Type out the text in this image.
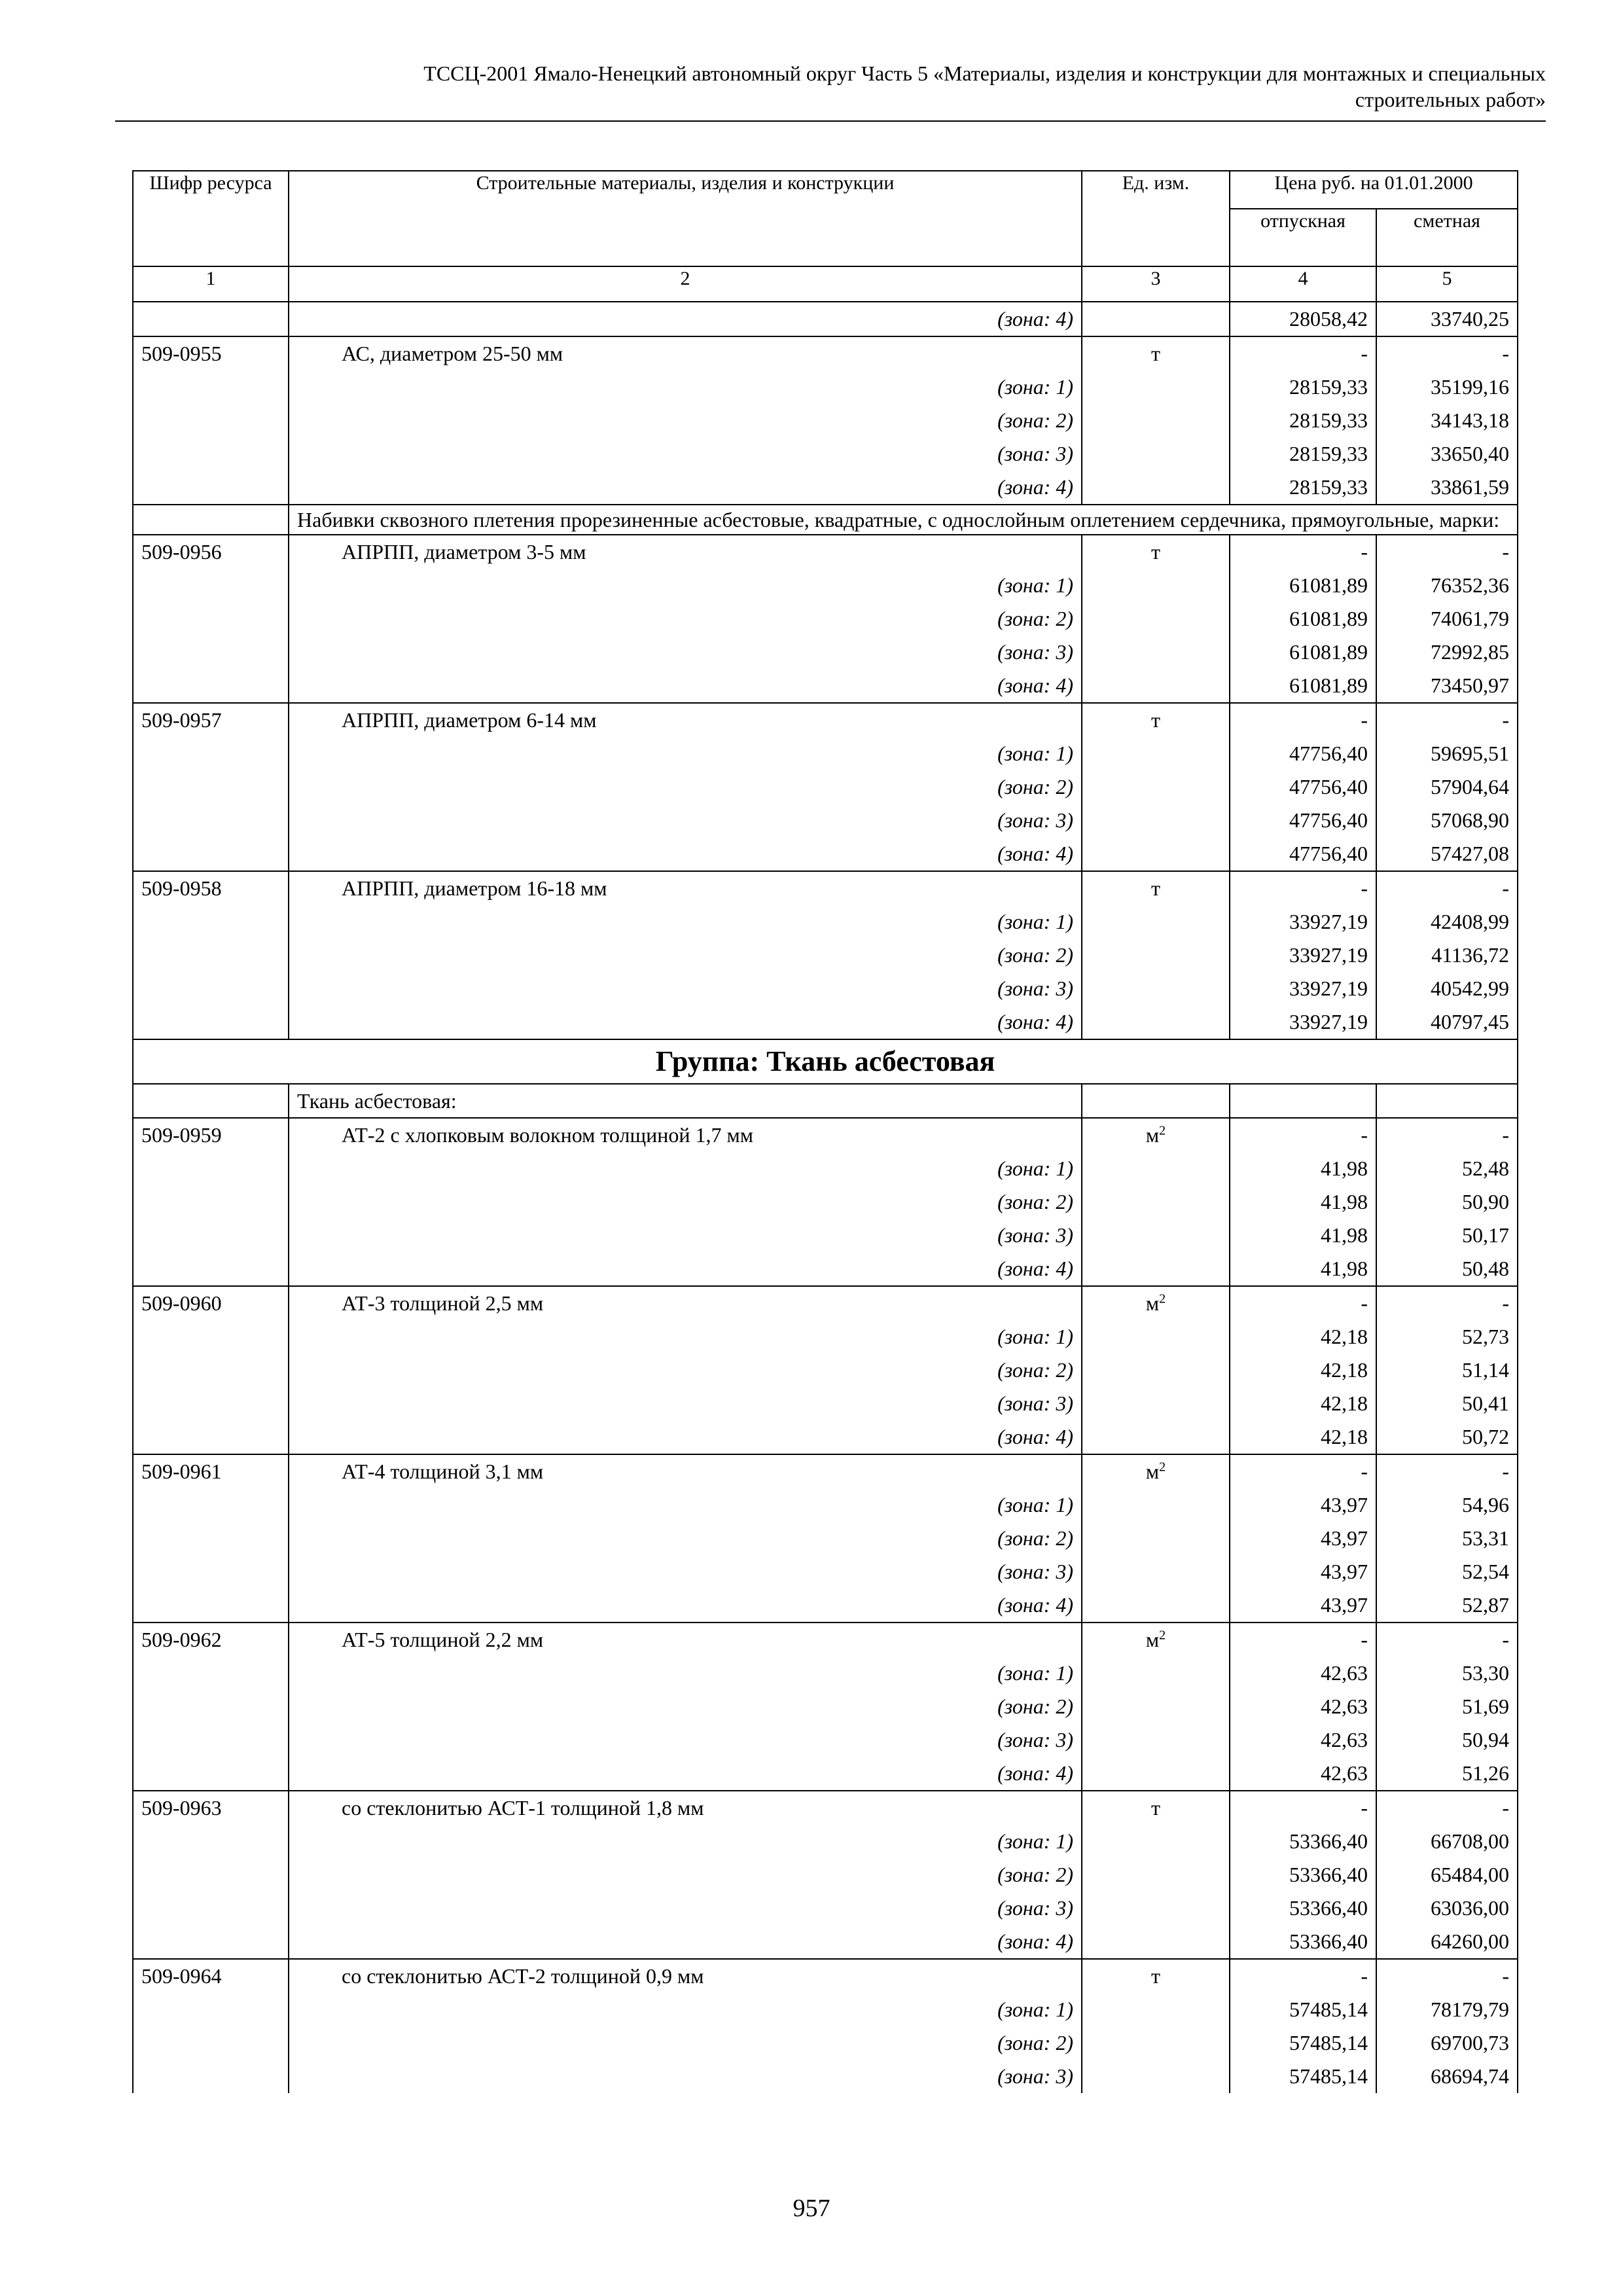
ТССЦ-2001 Ямало-Ненецкий автономный округ Часть 5 «Материалы, изделия и конструкции для монтажных и специальных
строительных работ»
Шифр ресурса	Строительные материалы, изделия и конструкции	Ед. изм.	Цена руб. на 01.01.2000	
			отпускная	сметная
1	2	3	4	5
	(зона: 4)		28058,42	33740,25
509-0955	АС, диаметром 25-50 мм	т	-	-
	(зона: 1)		28159,33	35199,16
	(зона: 2)		28159,33	34143,18
	(зона: 3)		28159,33	33650,40
	(зона: 4)		28159,33	33861,59
	Набивки сквозного плетения прорезиненные асбестовые, квадратные, с однослойным оплетением сердечника, прямоугольные, марки:			
509-0956	АПРПП, диаметром 3-5 мм	т	-	-
	(зона: 1)		61081,89	76352,36
	(зона: 2)		61081,89	74061,79
	(зона: 3)		61081,89	72992,85
	(зона: 4)		61081,89	73450,97
509-0957	АПРПП, диаметром 6-14 мм	т	-	-
	(зона: 1)		47756,40	59695,51
	(зона: 2)		47756,40	57904,64
	(зона: 3)		47756,40	57068,90
	(зона: 4)		47756,40	57427,08
509-0958	АПРПП, диаметром 16-18 мм	т	-	-
	(зона: 1)		33927,19	42408,99
	(зона: 2)		33927,19	41136,72
	(зона: 3)		33927,19	40542,99
	(зона: 4)		33927,19	40797,45
Группа: Ткань асбестовая				
	Ткань асбестовая:			
509-0959	АТ-2 с хлопковым волокном толщиной 1,7 мм	$м^2$	-	-
	(зона: 1)		41,98	52,48
	(зона: 2)		41,98	50,90
	(зона: 3)		41,98	50,17
	(зона: 4)		41,98	50,48
509-0960	АТ-3 толщиной 2,5 мм	$м^2$	-	-
	(зона: 1)		42,18	52,73
	(зона: 2)		42,18	51,14
	(зона: 3)		42,18	50,41
	(зона: 4)		42,18	50,72
509-0961	АТ-4 толщиной 3,1 мм	$м^2$	-	-
	(зона: 1)		43,97	54,96
	(зона: 2)		43,97	53,31
	(зона: 3)		43,97	52,54
	(зона: 4)		43,97	52,87
509-0962	АТ-5 толщиной 2,2 мм	$м^2$	-	-
	(зона: 1)		42,63	53,30
	(зона: 2)		42,63	51,69
	(зона: 3)		42,63	50,94
	(зона: 4)		42,63	51,26
509-0963	со стеклонитью АСТ-1 толщиной 1,8 мм	т	-	-
	(зона: 1)		53366,40	66708,00
	(зона: 2)		53366,40	65484,00
	(зона: 3)		53366,40	63036,00
	(зона: 4)		53366,40	64260,00
509-0964	со стеклонитью АСТ-2 толщиной 0,9 мм	т	-	-
	(зона: 1)		57485,14	78179,79
	(зона: 2)		57485,14	69700,73
	(зона: 3)		57485,14	68694,74
957
